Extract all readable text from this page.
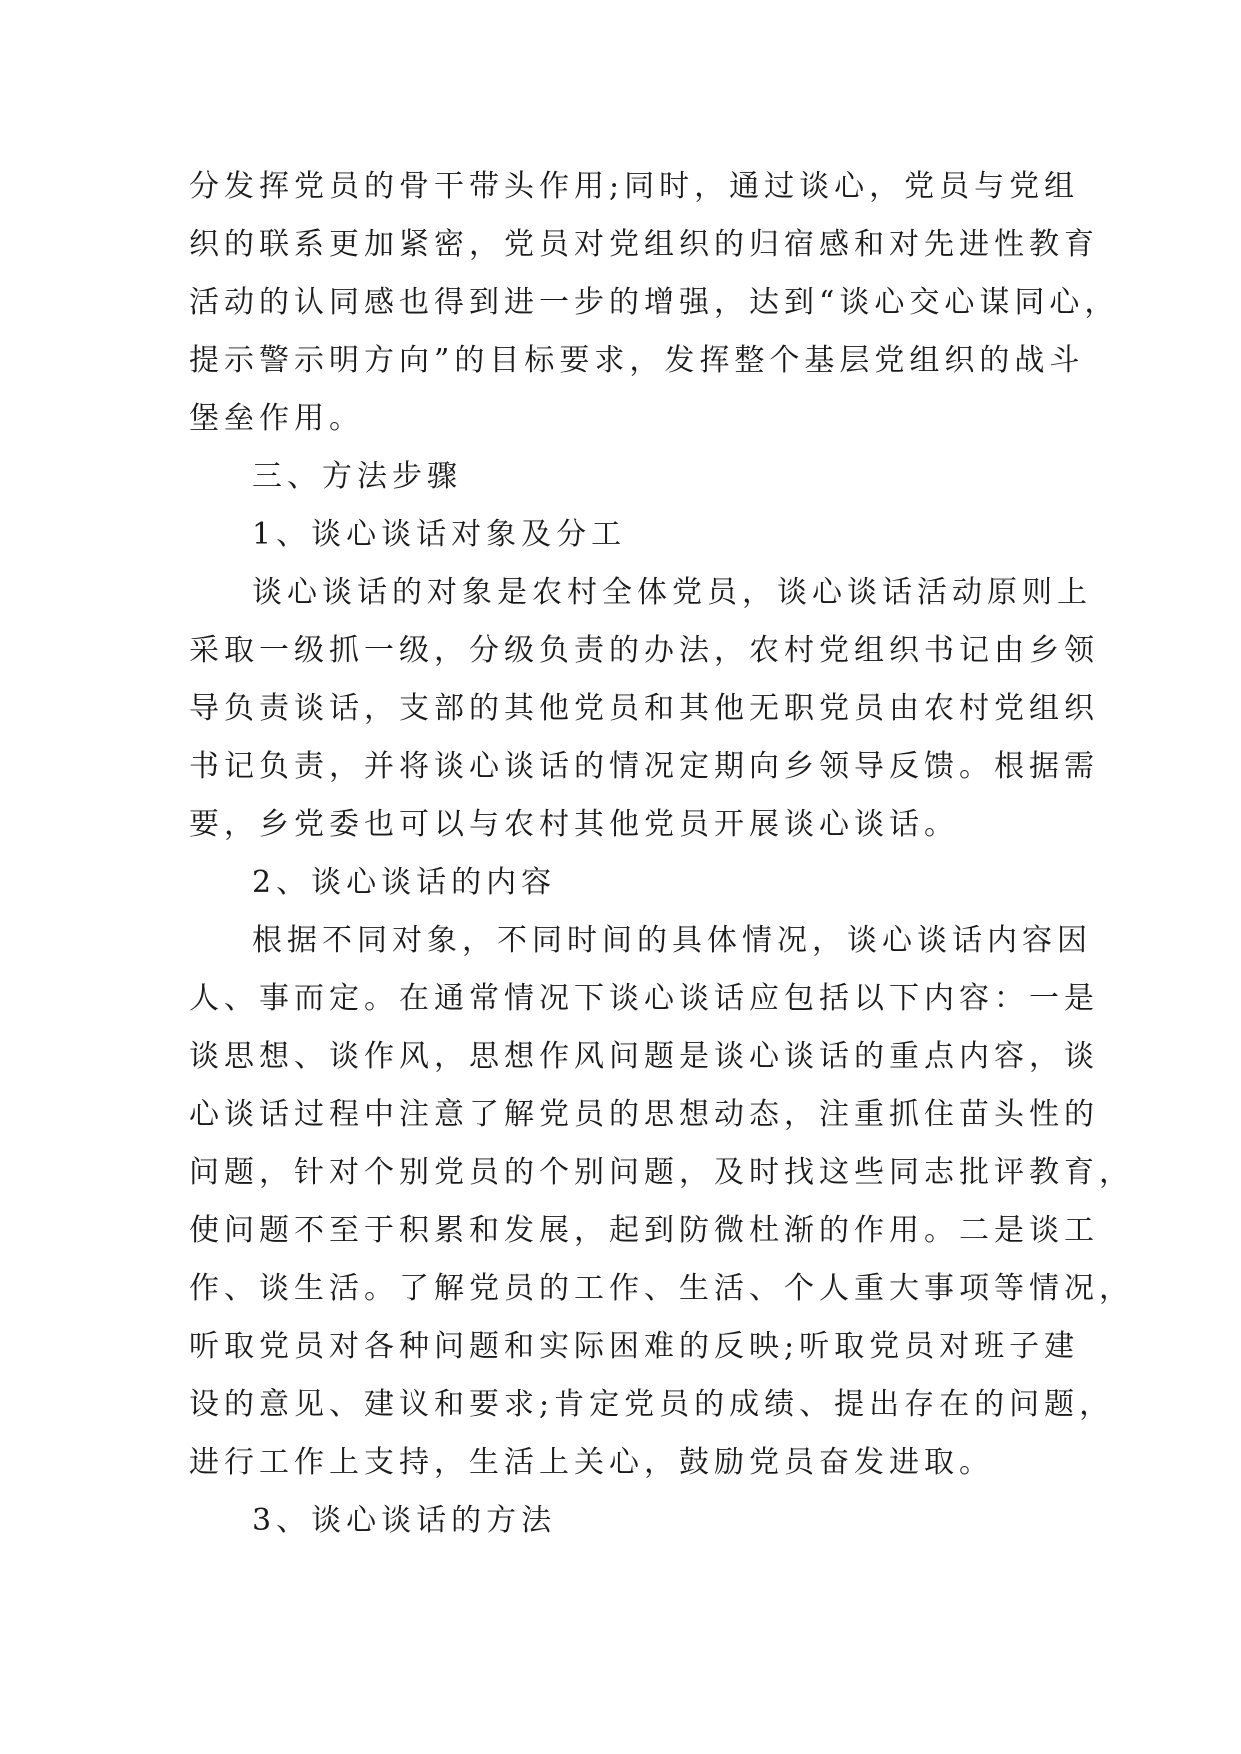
分发挥党员的骨干带头作用;同时，通过谈心，党员与党组
织的联系更加紧密，党员对党组织的归宿感和对先进性教育
活动的认同感也得到进一步的增强，达到“谈心交心谋同心，
提示警示明方向”的目标要求，发挥整个基层党组织的战斗
堡垒作用。
三、方法步骤
1、谈心谈话对象及分工
谈心谈话的对象是农村全体党员，谈心谈话活动原则上
采取一级抓一级，分级负责的办法，农村党组织书记由乡领
导负责谈话，支部的其他党员和其他无职党员由农村党组织
书记负责，并将谈心谈话的情况定期向乡领导反馈。根据需
要，乡党委也可以与农村其他党员开展谈心谈话。
2、谈心谈话的内容
根据不同对象，不同时间的具体情况，谈心谈话内容因
人、事而定。在通常情况下谈心谈话应包括以下内容：一是
谈思想、谈作风，思想作风问题是谈心谈话的重点内容，谈
心谈话过程中注意了解党员的思想动态，注重抓住苗头性的
问题，针对个别党员的个别问题，及时找这些同志批评教育，
使问题不至于积累和发展，起到防微杜渐的作用。二是谈工
作、谈生活。了解党员的工作、生活、个人重大事项等情况，
听取党员对各种问题和实际困难的反映;听取党员对班子建
设的意见、建议和要求;肯定党员的成绩、提出存在的问题，
进行工作上支持，生活上关心，鼓励党员奋发进取。
3、谈心谈话的方法
